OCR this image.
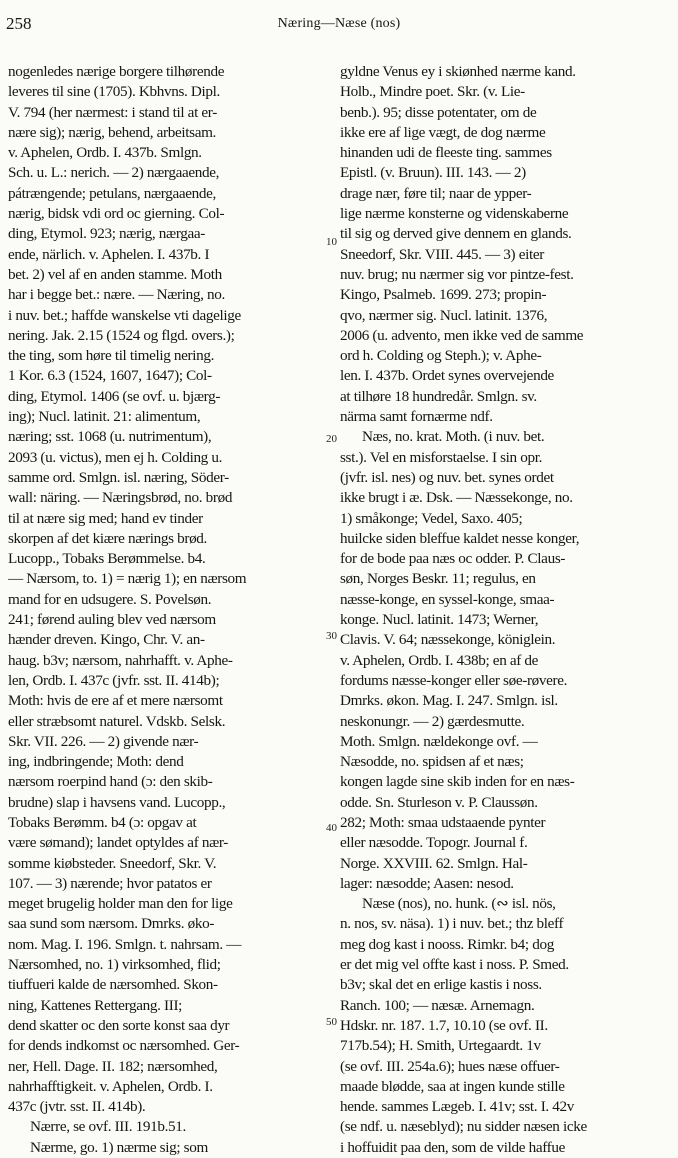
258	Næring—Næse (nos)
10
20
30
40
50
nogenledes nærige borgere tilhørende
leveres til sine (1705). Kbhvns. Dipl.
V. 794 (her nærmest: i stand til at er-
nære sig); nærig, behend, arbeitsam.
v. Aphelen, Ordb. I. 437b. Smlgn.
Sch. u. L.: nerich. — 2) nærgaaende,
pátrængende; petulans, nærgaaende,
nærig, bidsk vdi ord oc gierning. Col-
ding, Etymol. 923; nærig, nærgaa-
ende, närlich. v. Aphelen. I. 437b. I
bet. 2) vel af en anden stamme. Moth
har i begge bet.: nære. — Næring, no.
i nuv. bet.; haffde wanskelse vti dagelige
nering. Jak. 2.15 (1524 og flgd. overs.);
the ting, som høre til timelig nering.
1 Kor. 6.3 (1524, 1607, 1647); Col-
ding, Etymol. 1406 (se ovf. u. bjærg-
ing); Nucl. latinit. 21: alimentum,
næring; sst. 1068 (u. nutrimentum),
2093 (u. victus), men ej h. Colding u.
samme ord. Smlgn. isl. næring, Söder-
wall: näring. — Næringsbrød, no. brød
til at nære sig med; hand ev tinder
skorpen af det kiære nærings brød.
Lucopp., Tobaks Berømmelse. b4.
— Nærsom, to. 1) = nærig 1); en nærsom
mand for en udsugere. S. Povelsøn.
241; førend auling blev ved nærsom
hænder dreven. Kingo, Chr. V. an-
haug. b3v; nærsom, nahrhafft. v. Aphe-
len, Ordb. I. 437c (jvfr. sst. II. 414b);
Moth: hvis de ere af et mere nærsomt
eller stræbsomt naturel. Vdskb. Selsk.
Skr. VII. 226. — 2) givende nær-
ing, indbringende; Moth: dend
nærsom roerpind hand (ɔ: den skib-
brudne) slap i havsens vand. Lucopp.,
Tobaks Berømm. b4 (ɔ: opgav at
være sømand); landet optyldes af nær-
somme kiøbsteder. Sneedorf, Skr. V.
107. — 3) nærende; hvor patatos er
meget brugelig holder man den for lige
saa sund som nærsom. Dmrks. øko-
nom. Mag. I. 196. Smlgn. t. nahrsam. —
Nærsomhed, no. 1) virksomhed, flid;
tiuffueri kalde de nærsomhed. Skon-
ning, Kattenes Rettergang. III;
dend skatter oc den sorte konst saa dyr
for dends indkomst oc nærsomhed. Ger-
ner, Hell. Dage. II. 182; nærsomhed,
nahrhafftigkeit. v. Aphelen, Ordb. I.
437c (jvtr. sst. II. 414b).
Nærre, se ovf. III. 191b.51.
Nærme, go. 1) nærme sig; som
gyldne Venus ey i skiønhed nærme kand.
Holb., Mindre poet. Skr. (v. Lie-
benb.). 95; disse potentater, om de
ikke ere af lige vægt, de dog nærme
hinanden udi de fleeste ting. sammes
Epistl. (v. Bruun). III. 143. — 2)
drage nær, føre til; naar de ypper-
lige nærme konsterne og videnskaberne
til sig og derved give dennem en glands.
Sneedorf, Skr. VIII. 445. — 3) eiter
nuv. brug; nu nærmer sig vor pintze-fest.
Kingo, Psalmeb. 1699. 273; propin-
qvo, nærmer sig. Nucl. latinit. 1376,
2006 (u. advento, men ikke ved de samme
ord h. Colding og Steph.); v. Aphe-
len. I. 437b. Ordet synes overvejende
at tilhøre 18 hundredår. Smlgn. sv.
närma samt fornærme ndf.
Næs, no. krat. Moth. (i nuv. bet.
sst.). Vel en misforstaelse. I sin opr.
(jvfr. isl. nes) og nuv. bet. synes ordet
ikke brugt i æ. Dsk. — Næssekonge, no.
1) småkonge; Vedel, Saxo. 405;
huilcke siden bleffue kaldet nesse konger,
for de bode paa næs oc odder. P. Claus-
søn, Norges Beskr. 11; regulus, en
næsse-konge, en syssel-konge, smaa-
konge. Nucl. latinit. 1473; Werner,
Clavis. V. 64; næssekonge, königlein.
v. Aphelen, Ordb. I. 438b; en af de
fordums næsse-konger eller søe-røvere.
Dmrks. økon. Mag. I. 247. Smlgn. isl.
neskonungr. — 2) gærdesmutte.
Moth. Smlgn. nældekonge ovf. —
Næsodde, no. spidsen af et næs;
kongen lagde sine skib inden for en næs-
odde. Sn. Sturleson v. P. Claussøn.
282; Moth: smaa udstaaende pynter
eller næsodde. Topogr. Journal f.
Norge. XXVIII. 62. Smlgn. Hal-
lager: næsodde; Aasen: nesod.
Næse (nos), no. hunk. (∾ isl. nös,
n. nos, sv. näsa). 1) i nuv. bet.; thz bleff
meg dog kast i nooss. Rimkr. b4; dog
er det mig vel offte kast i noss. P. Smed.
b3v; skal det en erlige kastis i noss.
Ranch. 100; — næsæ. Arnemagn.
Hdskr. nr. 187. 1.7, 10.10 (se ovf. II.
717b.54); H. Smith, Urtegaardt. 1v
(se ovf. III. 254a.6); hues næse offuer-
maade blødde, saa at ingen kunde stille
hende. sammes Lægeb. I. 41v; sst. I. 42v
(se ndf. u. næseblyd); nu sidder næsen icke
i hoffuidit paa den, som de vilde haffue
